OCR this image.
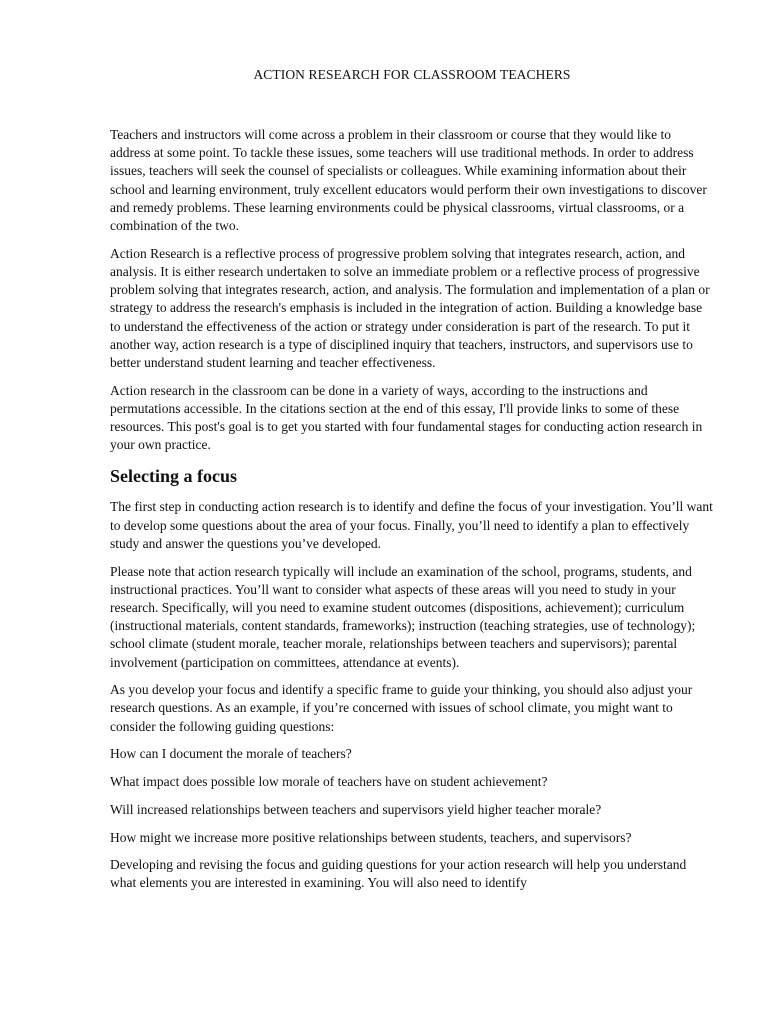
ACTION RESEARCH FOR CLASSROOM TEACHERS

Teachers and instructors will come across a problem in their classroom or course that they would like to address at some point. To tackle these issues, some teachers will use traditional methods. In order to address issues, teachers will seek the counsel of specialists or colleagues. While examining information about their school and learning environment, truly excellent educators would perform their own investigations to discover and remedy problems. These learning environments could be physical classrooms, virtual classrooms, or a combination of the two.

Action Research is a reflective process of progressive problem solving that integrates research, action, and analysis. It is either research undertaken to solve an immediate problem or a reflective process of progressive problem solving that integrates research, action, and analysis. The formulation and implementation of a plan or strategy to address the research's emphasis is included in the integration of action. Building a knowledge base to understand the effectiveness of the action or strategy under consideration is part of the research. To put it another way, action research is a type of disciplined inquiry that teachers, instructors, and supervisors use to better understand student learning and teacher effectiveness.

Action research in the classroom can be done in a variety of ways, according to the instructions and permutations accessible. In the citations section at the end of this essay, I'll provide links to some of these resources. This post's goal is to get you started with four fundamental stages for conducting action research in your own practice.

Selecting a focus

The first step in conducting action research is to identify and define the focus of your investigation. You’ll want to develop some questions about the area of your focus. Finally, you’ll need to identify a plan to effectively study and answer the questions you’ve developed.

Please note that action research typically will include an examination of the school, programs, students, and instructional practices. You’ll want to consider what aspects of these areas will you need to study in your research. Specifically, will you need to examine student outcomes (dispositions, achievement); curriculum (instructional materials, content standards, frameworks); instruction (teaching strategies, use of technology); school climate (student morale, teacher morale, relationships between teachers and supervisors); parental involvement (participation on committees, attendance at events).

As you develop your focus and identify a specific frame to guide your thinking, you should also adjust your research questions. As an example, if you’re concerned with issues of school climate, you might want to consider the following guiding questions:

How can I document the morale of teachers?

What impact does possible low morale of teachers have on student achievement?

Will increased relationships between teachers and supervisors yield higher teacher morale?

How might we increase more positive relationships between students, teachers, and supervisors?

Developing and revising the focus and guiding questions for your action research will help you understand what elements you are interested in examining. You will also need to identify
